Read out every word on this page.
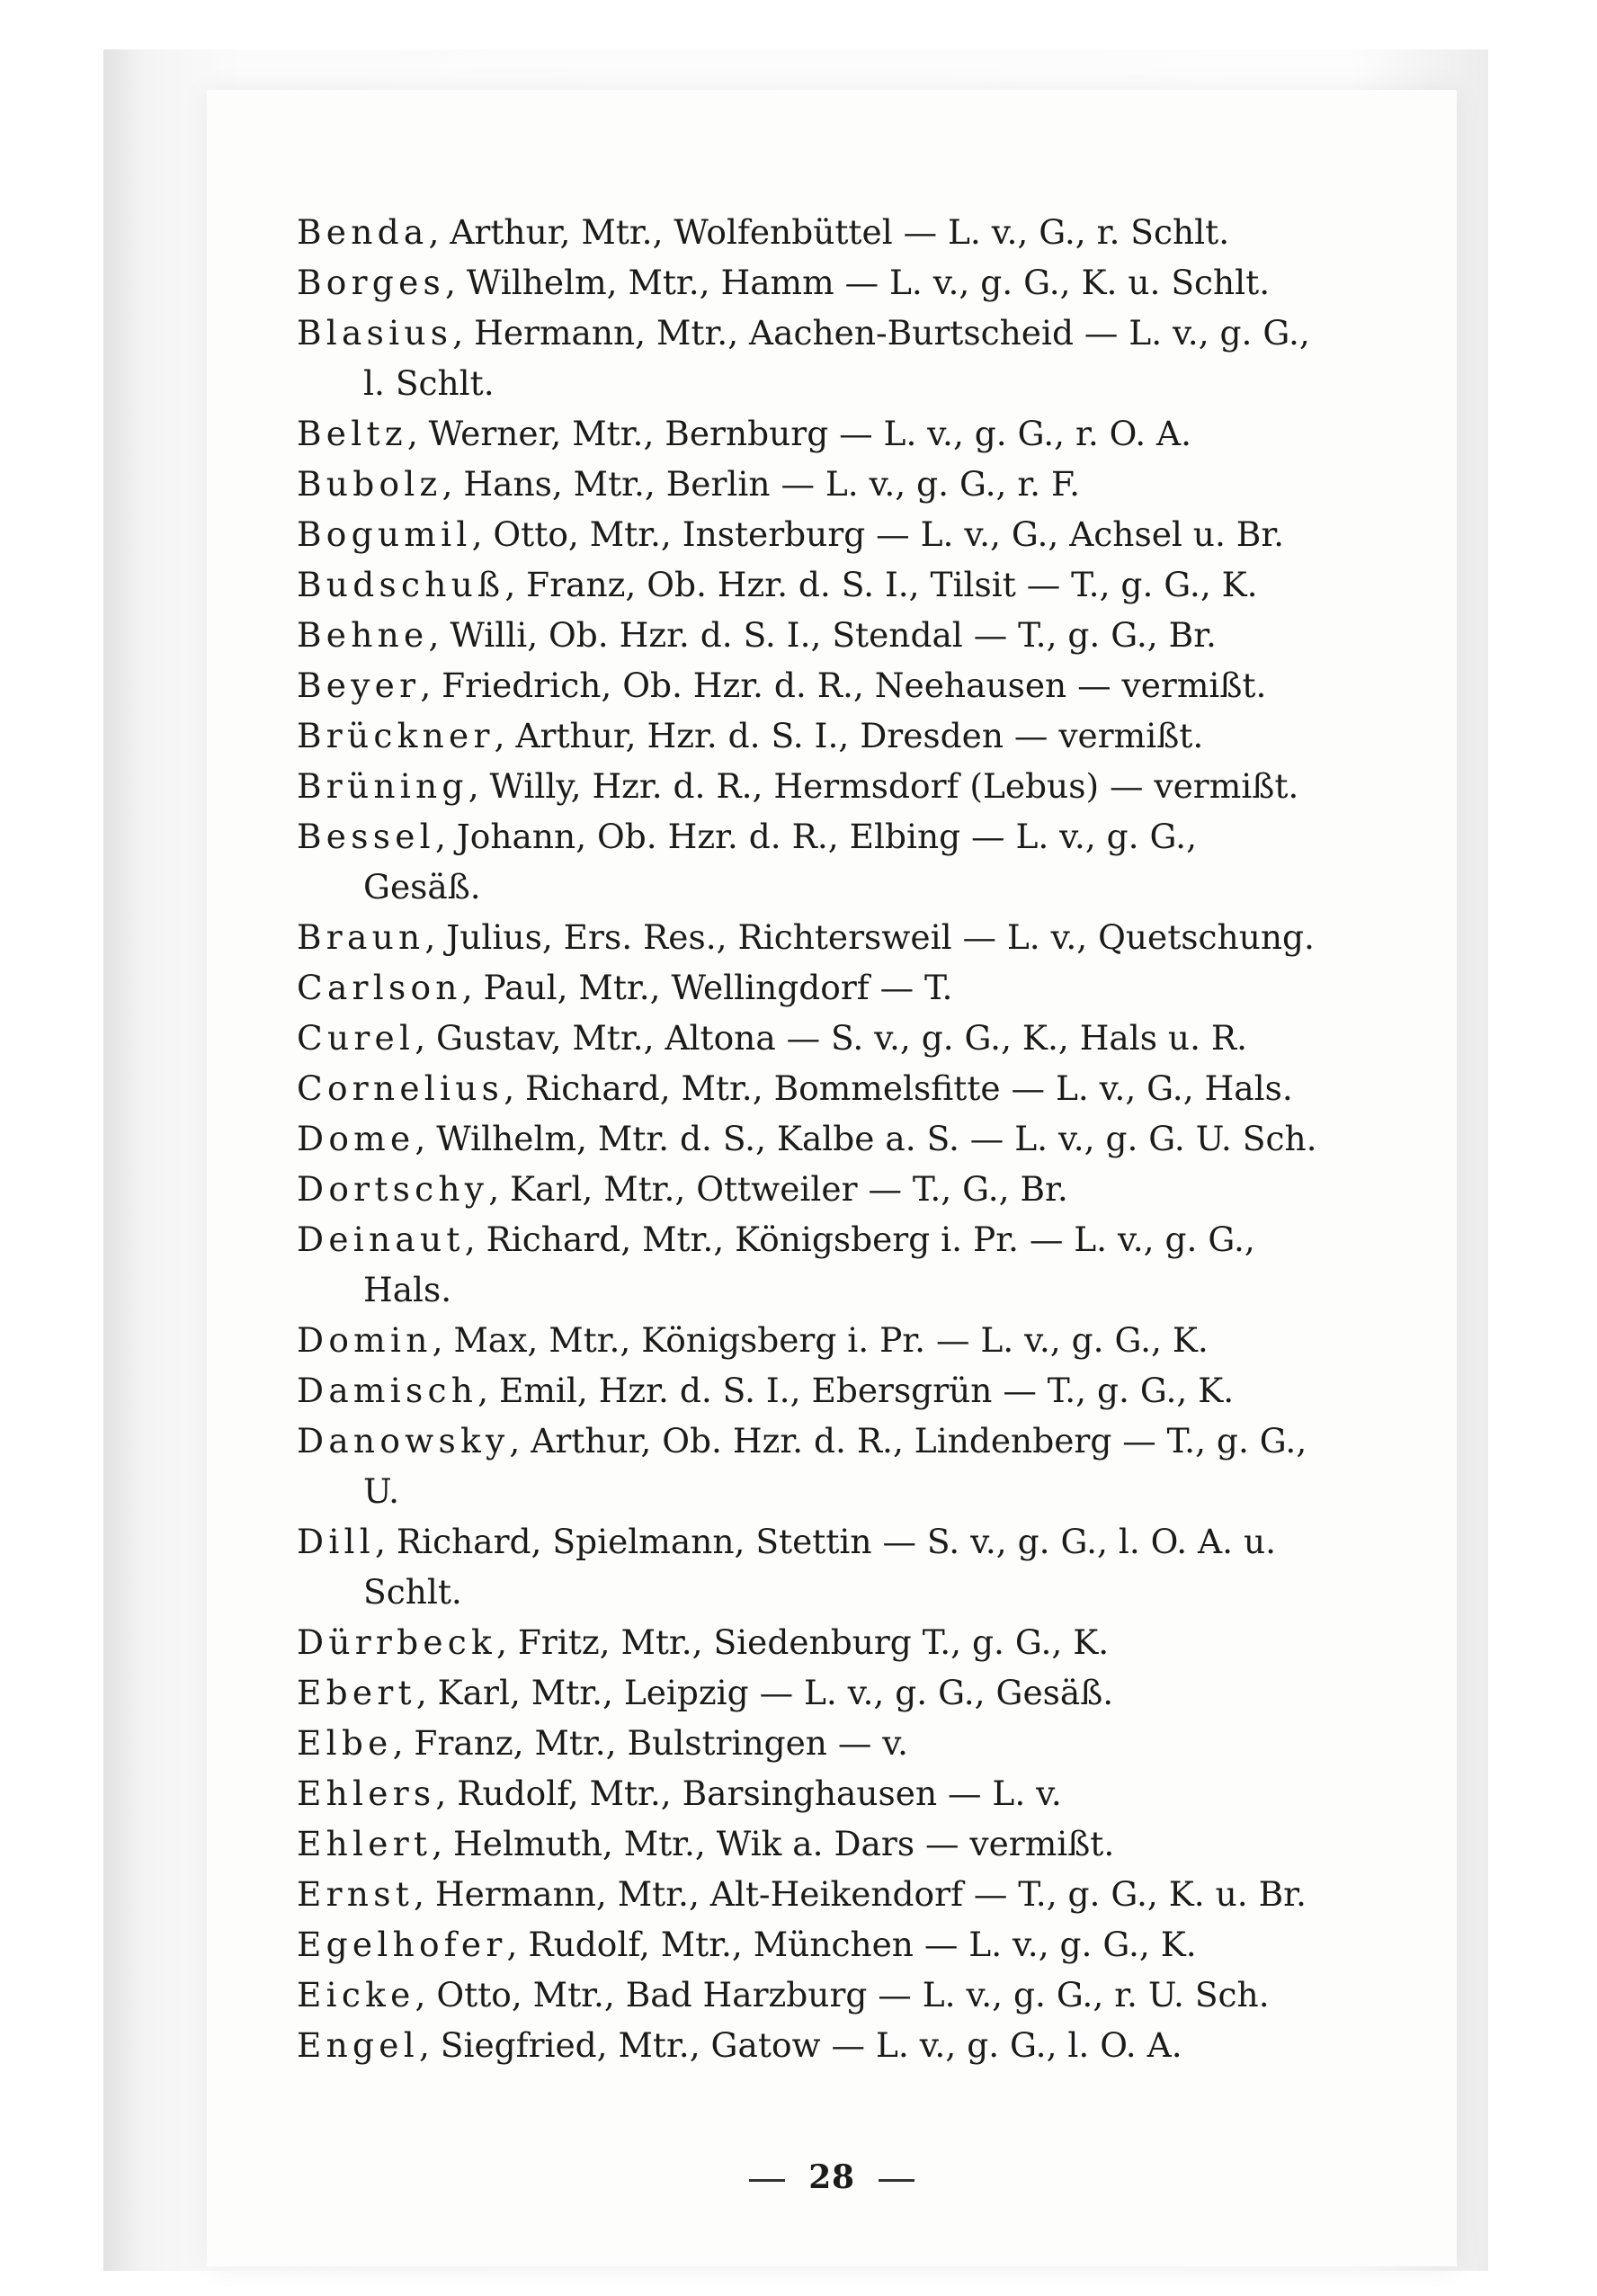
Benda, Arthur, Mtr., Wolfenbüttel — L. v., G., r. Schlt.
Borges, Wilhelm, Mtr., Hamm — L. v., g. G., K. u. Schlt.
Blasius, Hermann, Mtr., Aachen-Burtscheid — L. v., g. G., l. Schlt.
Beltz, Werner, Mtr., Bernburg — L. v., g. G., r. O. A.
Bubolz, Hans, Mtr., Berlin — L. v., g. G., r. F.
Bogumil, Otto, Mtr., Insterburg — L. v., G., Achsel u. Br.
Budschuß, Franz, Ob. Hzr. d. S. I., Tilsit — T., g. G., K.
Behne, Willi, Ob. Hzr. d. S. I., Stendal — T., g. G., Br.
Beyer, Friedrich, Ob. Hzr. d. R., Neehausen — vermißt.
Brückner, Arthur, Hzr. d. S. I., Dresden — vermißt.
Brüning, Willy, Hzr. d. R., Hermsdorf (Lebus) — vermißt.
Bessel, Johann, Ob. Hzr. d. R., Elbing — L. v., g. G., Gesäß.
Braun, Julius, Ers. Res., Richtersweil — L. v., Quetschung.
Carlson, Paul, Mtr., Wellingdorf — T.
Curel, Gustav, Mtr., Altona — S. v., g. G., K., Hals u. R.
Cornelius, Richard, Mtr., Bommelsfitte — L. v., G., Hals.
Dome, Wilhelm, Mtr. d. S., Kalbe a. S. — L. v., g. G. U. Sch.
Dortschy, Karl, Mtr., Ottweiler — T., G., Br.
Deinaut, Richard, Mtr., Königsberg i. Pr. — L. v., g. G., Hals.
Domin, Max, Mtr., Königsberg i. Pr. — L. v., g. G., K.
Damisch, Emil, Hzr. d. S. I., Ebersgrün — T., g. G., K.
Danowsky, Arthur, Ob. Hzr. d. R., Lindenberg — T., g. G., U.
Dill, Richard, Spielmann, Stettin — S. v., g. G., l. O. A. u. Schlt.
Dürrbeck, Fritz, Mtr., Siedenburg T., g. G., K.
Ebert, Karl, Mtr., Leipzig — L. v., g. G., Gesäß.
Elbe, Franz, Mtr., Bulstringen — v.
Ehlers, Rudolf, Mtr., Barsinghausen — L. v.
Ehlert, Helmuth, Mtr., Wik a. Dars — vermißt.
Ernst, Hermann, Mtr., Alt-Heikendorf — T., g. G., K. u. Br.
Egelhofer, Rudolf, Mtr., München — L. v., g. G., K.
Eicke, Otto, Mtr., Bad Harzburg — L. v., g. G., r. U. Sch.
Engel, Siegfried, Mtr., Gatow — L. v., g. G., l. O. A.
28
